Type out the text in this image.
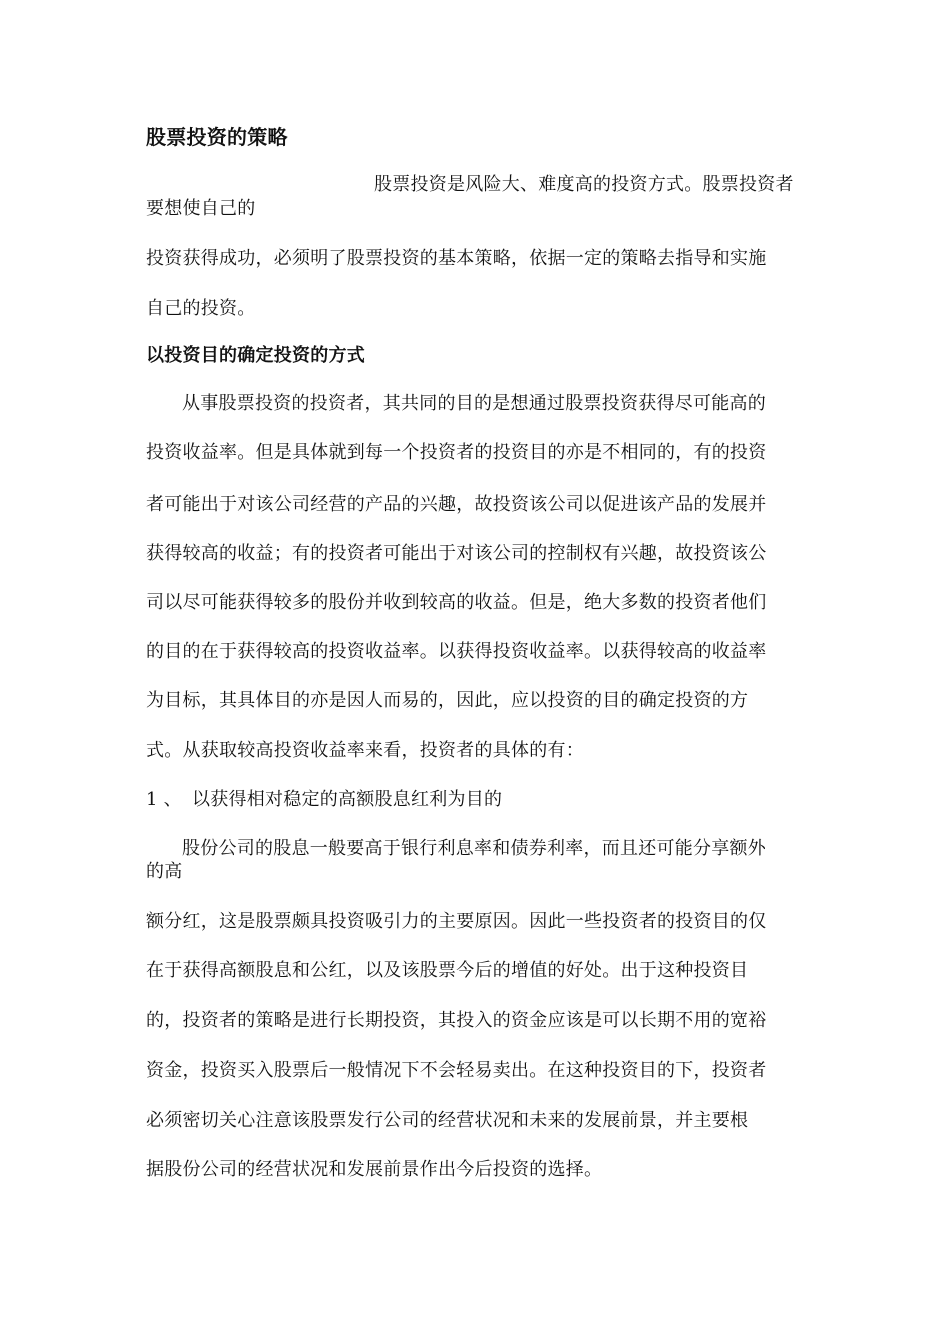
股票投资的策略
股票投资是风险大、难度高的投资方式。股票投资者
要想使自己的
投资获得成功，必须明了股票投资的基本策略，依据一定的策略去指导和实施
自己的投资。
以投资目的确定投资的方式
从事股票投资的投资者，其共同的目的是想通过股票投资获得尽可能高的
投资收益率。但是具体就到每一个投资者的投资目的亦是不相同的，有的投资
者可能出于对该公司经营的产品的兴趣，故投资该公司以促进该产品的发展并
获得较高的收益；有的投资者可能出于对该公司的控制权有兴趣，故投资该公
司以尽可能获得较多的股份并收到较高的收益。但是，绝大多数的投资者他们
的目的在于获得较高的投资收益率。以获得投资收益率。以获得较高的收益率
为目标，其具体目的亦是因人而易的，因此，应以投资的目的确定投资的方
式。从获取较高投资收益率来看，投资者的具体的有：
1 、 以获得相对稳定的高额股息红利为目的
股份公司的股息一般要高于银行利息率和债券利率，而且还可能分享额外
的高
额分红，这是股票颇具投资吸引力的主要原因。因此一些投资者的投资目的仅
在于获得高额股息和公红，以及该股票今后的增值的好处。出于这种投资目
的，投资者的策略是进行长期投资，其投入的资金应该是可以长期不用的宽裕
资金，投资买入股票后一般情况下不会轻易卖出。在这种投资目的下，投资者
必须密切关心注意该股票发行公司的经营状况和未来的发展前景，并主要根
据股份公司的经营状况和发展前景作出今后投资的选择。
